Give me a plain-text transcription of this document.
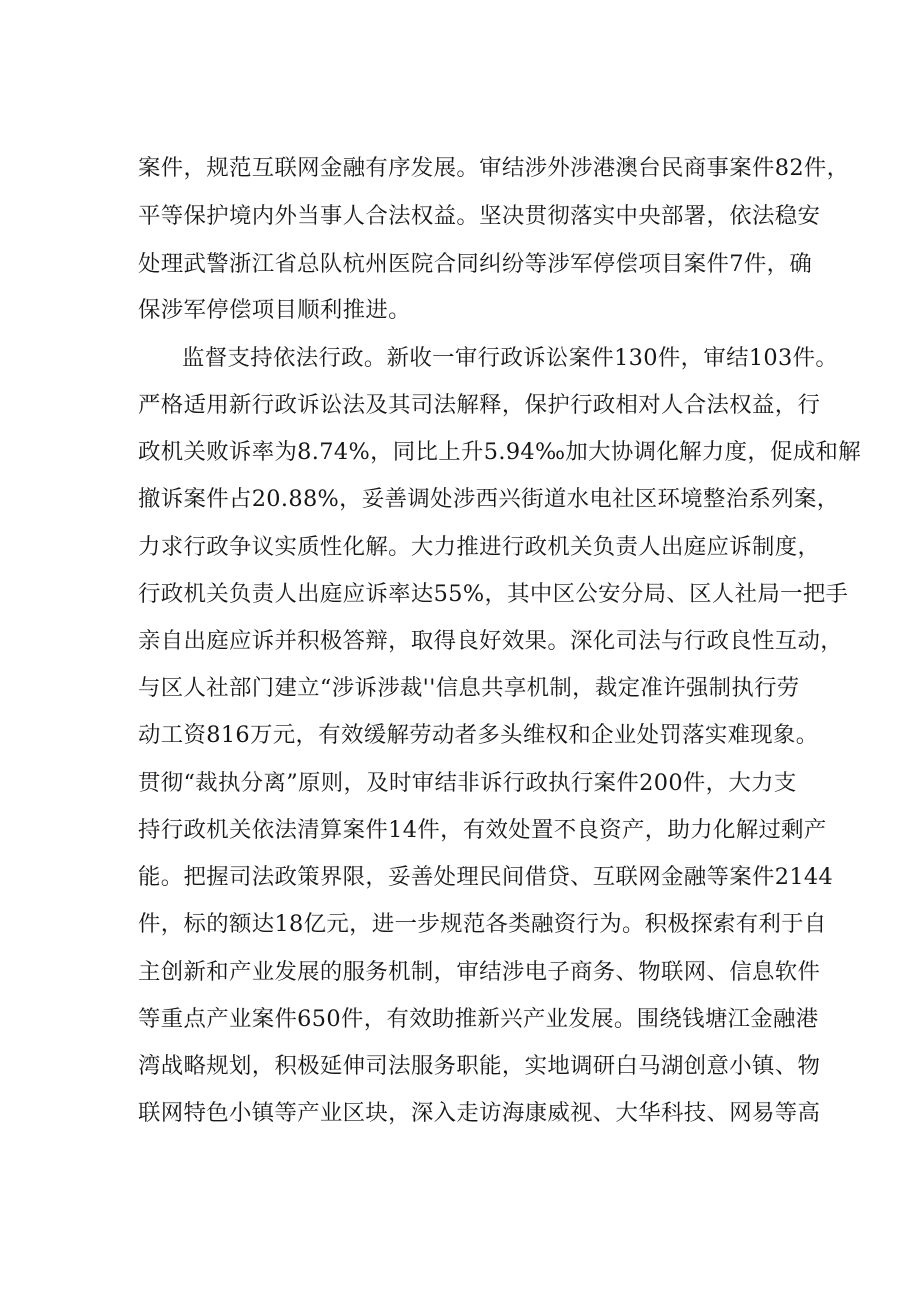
案件，规范互联网金融有序发展。审结涉外涉港澳台民商事案件82件，

平等保护境内外当事人合法权益。坚决贯彻落实中央部署，依法稳安

处理武警浙江省总队杭州医院合同纠纷等涉军停偿项目案件7件，确

保涉军停偿项目顺利推进。

监督支持依法行政。新收一审行政诉讼案件130件，审结103件。

严格适用新行政诉讼法及其司法解释，保护行政相对人合法权益，行

政机关败诉率为8.74%，同比上升5.94‰加大协调化解力度，促成和解

撤诉案件占20.88%，妥善调处涉西兴街道水电社区环境整治系列案，

力求行政争议实质性化解。大力推进行政机关负责人出庭应诉制度，

行政机关负责人出庭应诉率达55%，其中区公安分局、区人社局一把手

亲自出庭应诉并积极答辩，取得良好效果。深化司法与行政良性互动，

与区人社部门建立“涉诉涉裁''信息共享机制，裁定准许强制执行劳

动工资816万元，有效缓解劳动者多头维权和企业处罚落实难现象。

贯彻“裁执分离”原则，及时审结非诉行政执行案件200件，大力支

持行政机关依法清算案件14件，有效处置不良资产，助力化解过剩产

能。把握司法政策界限，妥善处理民间借贷、互联网金融等案件2144

件，标的额达18亿元，进一步规范各类融资行为。积极探索有利于自

主创新和产业发展的服务机制，审结涉电子商务、物联网、信息软件

等重点产业案件650件，有效助推新兴产业发展。围绕钱塘江金融港

湾战略规划，积极延伸司法服务职能，实地调研白马湖创意小镇、物

联网特色小镇等产业区块，深入走访海康威视、大华科技、网易等高
